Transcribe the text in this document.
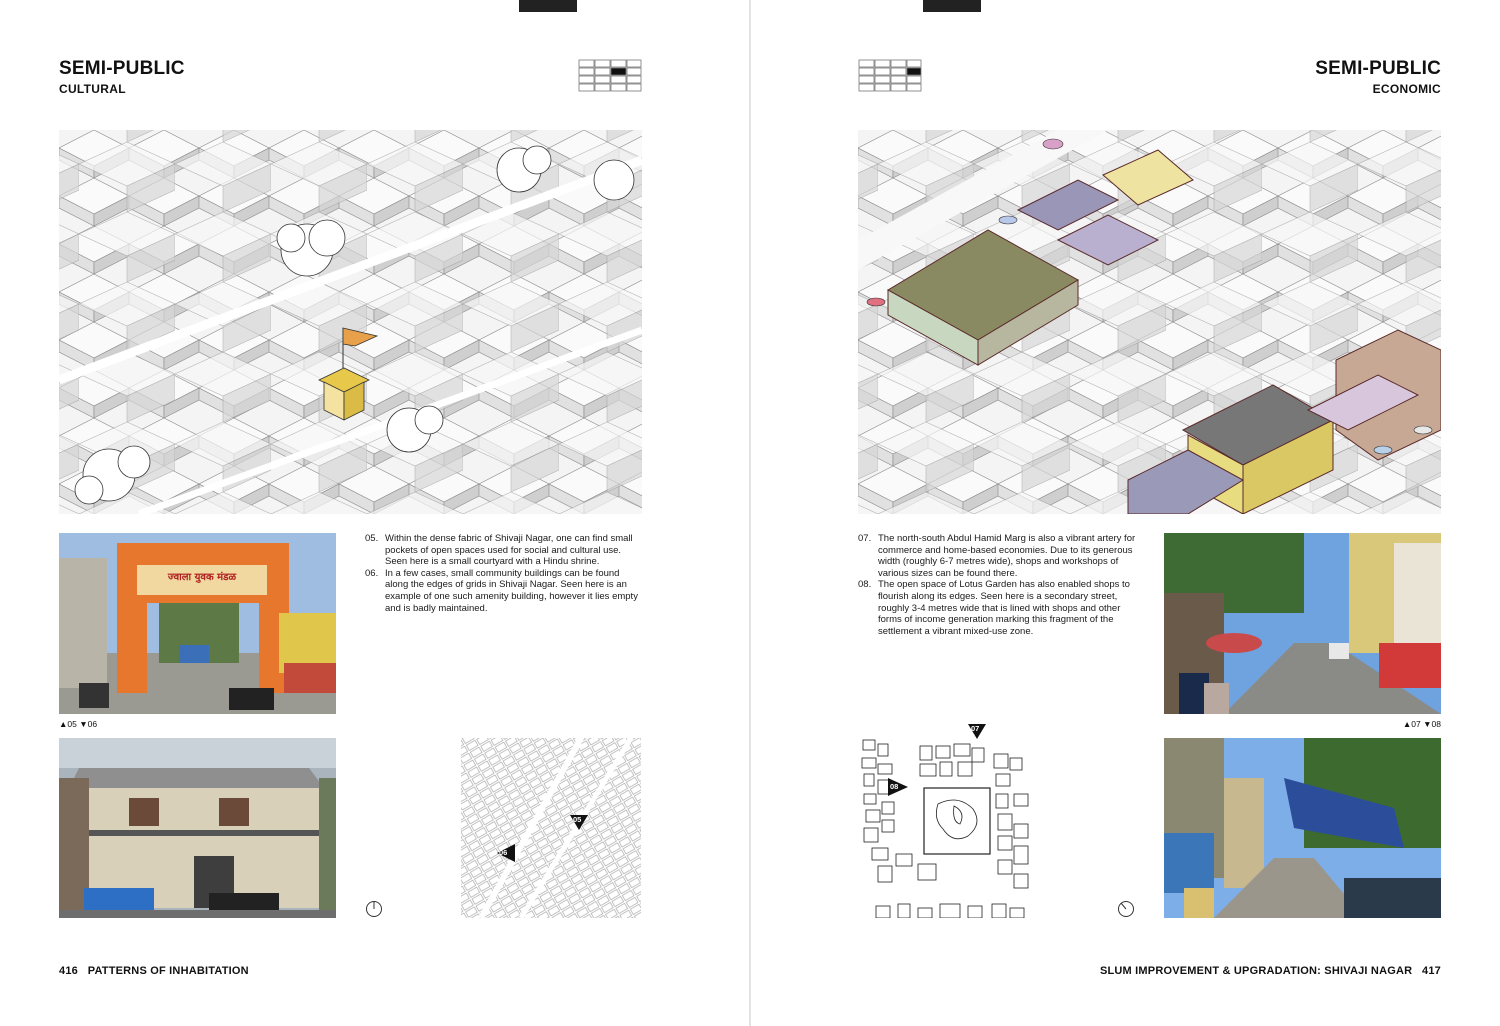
SEMI-PUBLIC
CULTURAL
ज्वाला युवक मंडळ
05. Within the dense fabric of Shivaji Nagar, one can find small pockets of open spaces used for social and cultural use. Seen here is a small courtyard with a Hindu shrine.
06. In a few cases, small community buildings can be found along the edges of grids in Shivaji Nagar. Seen here is an example of one such amenity building, however it lies empty and is badly maintained.
▲05 ▼06
05
06
416 PATTERNS OF INHABITATION
SEMI-PUBLIC
ECONOMIC
07. The north-south Abdul Hamid Marg is also a vibrant artery for commerce and home-based economies. Due to its generous width (roughly 6-7 metres wide), shops and workshops of various sizes can be found there.
08. The open space of Lotus Garden has also enabled shops to flourish along its edges. Seen here is a secondary street, roughly 3-4 metres wide that is lined with shops and other forms of income generation marking this fragment of the settlement a vibrant mixed-use zone.
▲07 ▼08
07
08
SLUM IMPROVEMENT & UPGRADATION: SHIVAJI NAGAR 417
